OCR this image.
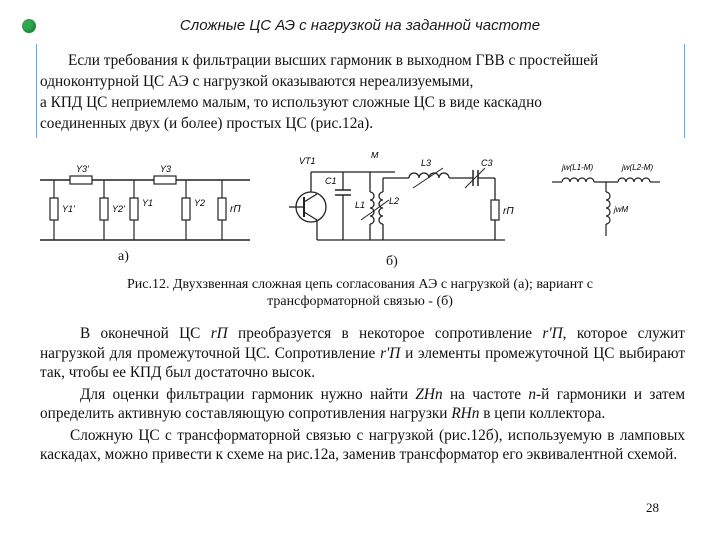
Сложные ЦС АЭ с нагрузкой на заданной частоте

Если требования к фильтрации высших гармоник в выходном ГВВ с простейшей

одноконтурной ЦС АЭ с нагрузкой оказываются нереализуемыми,

а КПД ЦС неприемлемо малым, то используют сложные ЦС в виде каскадно

соединенных двух (и более) простых ЦС (рис.12а).

Y3'	Y3
Y1'	Y2'
Y1	Y2
rП
а)
VT1
M
C1
L1	L2
L3	C3
rП
б)
jw(L1-M)	jw(L2-M)
jwM
Рис.12. Двухзвенная сложная цепь согласования АЭ с нагрузкой (а); вариант с
трансформаторной связью - (б)

В оконечной ЦС rП преобразуется в некоторое сопротивление r'П, которое служит нагрузкой для промежуточной ЦС. Сопротивление r'П и элементы промежуточной ЦС выбирают так, чтобы ее КПД был достаточно высок.

Для оценки фильтрации гармоник нужно найти ZНn на частоте n-й гармоники и затем определить активную составляющую сопротивления нагрузки RНn в цепи коллектора.

Сложную ЦС с трансформаторной связью с нагрузкой (рис.12б), используемую в ламповых каскадах, можно привести к схеме на рис.12а, заменив трансформатор его эквивалентной схемой.

28
